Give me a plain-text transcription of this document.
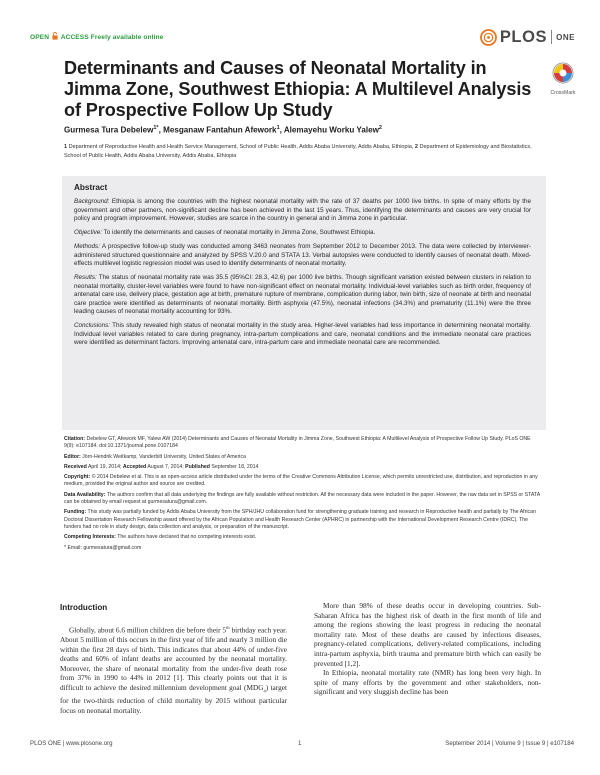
OPEN ACCESS Freely available online	PLOS ONE
CrossMark
Determinants and Causes of Neonatal Mortality in Jimma Zone, Southwest Ethiopia: A Multilevel Analysis of Prospective Follow Up Study
Gurmesa Tura Debelew$^{1*}$, Mesganaw Fantahun Afework$^1$, Alemayehu Worku Yalew$^2$
1 Department of Reproductive Health and Health Service Management, School of Public Health, Addis Ababa University, Addis Ababa, Ethiopia, 2 Department of Epidemiology and Biostatistics, School of Public Health, Addis Ababa University, Addis Ababa, Ethiopia
Abstract

Background: Ethiopia is among the countries with the highest neonatal mortality with the rate of 37 deaths per 1000 live births. In spite of many efforts by the government and other partners, non-significant decline has been achieved in the last 15 years. Thus, identifying the determinants and causes are very crucial for policy and program improvement. However, studies are scarce in the country in general and in Jimma zone in particular.

Objective: To identify the determinants and causes of neonatal mortality in Jimma Zone, Southwest Ethiopia.

Methods: A prospective follow-up study was conducted among 3463 neonates from September 2012 to December 2013. The data were collected by interviewer-administered structured questionnaire and analyzed by SPSS V.20.0 and STATA 13. Verbal autopsies were conducted to identify causes of neonatal death. Mixed-effects multilevel logistic regression model was used to identify determinants of neonatal mortality.

Results: The status of neonatal mortality rate was 35.5 (95%CI: 28.3, 42.6) per 1000 live births. Though significant variation existed between clusters in relation to neonatal mortality, cluster-level variables were found to have non-significant effect on neonatal mortality. Individual-level variables such as birth order, frequency of antenatal care use, delivery place, gestation age at birth, premature rupture of membrane, complication during labor, twin birth, size of neonate at birth and neonatal care practice were identified as determinants of neonatal mortality. Birth asphyxia (47.5%), neonatal infections (34.3%) and prematurity (11.1%) were the three leading causes of neonatal mortality accounting for 93%.

Conclusions: This study revealed high status of neonatal mortality in the study area. Higher-level variables had less importance in determining neonatal mortality. Individual level variables related to care during pregnancy, intra-partum complications and care, neonatal conditions and the immediate neonatal care practices were identified as determinant factors. Improving antenatal care, intra-partum care and immediate neonatal care are recommended.

Citation: Debelew GT, Afework MF, Yalew AW (2014) Determinants and Causes of Neonatal Mortality in Jimma Zone, Southwest Ethiopia: A Multilevel Analysis of Prospective Follow Up Study. PLoS ONE 9(9): e107184. doi:10.1371/journal.pone.0107184
Editor: Jörn-Hendrik Weitkamp, Vanderbilt University, United States of America
Received April 19, 2014; Accepted August 7, 2014; Published September 18, 2014
Copyright: © 2014 Debelew et al. This is an open-access article distributed under the terms of the Creative Commons Attribution License, which permits unrestricted use, distribution, and reproduction in any medium, provided the original author and source are credited.
Data Availability: The authors confirm that all data underlying the findings are fully available without restriction. All the necessary data were included in the paper. However, the raw data set in SPSS or STATA can be obtained by email request at gurmesatura@gmail.com.
Funding: This study was partially funded by Addis Ababa University from the SPH/JHU collaboration fund for strengthening graduate training and research in Reproductive health and partially by The African Doctoral Dissertation Research Fellowship award offered by the African Population and Health Research Center (APHRC) in partnership with the International Development Research Centre (IDRC). The funders had no role in study design, data collection and analysis, or preparation of the manuscript.
Competing Interests: The authors have declared that no competing interests exist.
* Email: gurmesatura@gmail.com
Introduction

Globally, about 6.6 million children die before their 5th birthday each year. About 5 million of this occurs in the first year of life and nearly 3 million die within the first 28 days of birth. This indicates that about 44% of under-five deaths and 60% of infant deaths are accounted by the neonatal mortality. Moreover, the share of neonatal mortality from the under-five death rose from 37% in 1990 to 44% in 2012 [1]. This clearly points out that it is difficult to achieve the desired millennium development goal $(MDG_4)$ target for the two-thirds reduction of child mortality by 2015 without particular focus on neonatal mortality.

More than 98% of these deaths occur in developing countries. Sub-Saharan Africa has the highest risk of death in the first month of life and among the regions showing the least progress in reducing the neonatal mortality rate. Most of these deaths are caused by infectious diseases, pregnancy-related complications, delivery-related complications, including intra-partum asphyxia, birth trauma and premature birth which can easily be prevented [1,2].

In Ethiopia, neonatal mortality rate (NMR) has long been very high. In spite of many efforts by the government and other stakeholders, non-significant and very sluggish decline has been

PLOS ONE | www.plosone.org	1	September 2014 | Volume 9 | Issue 9 | e107184
